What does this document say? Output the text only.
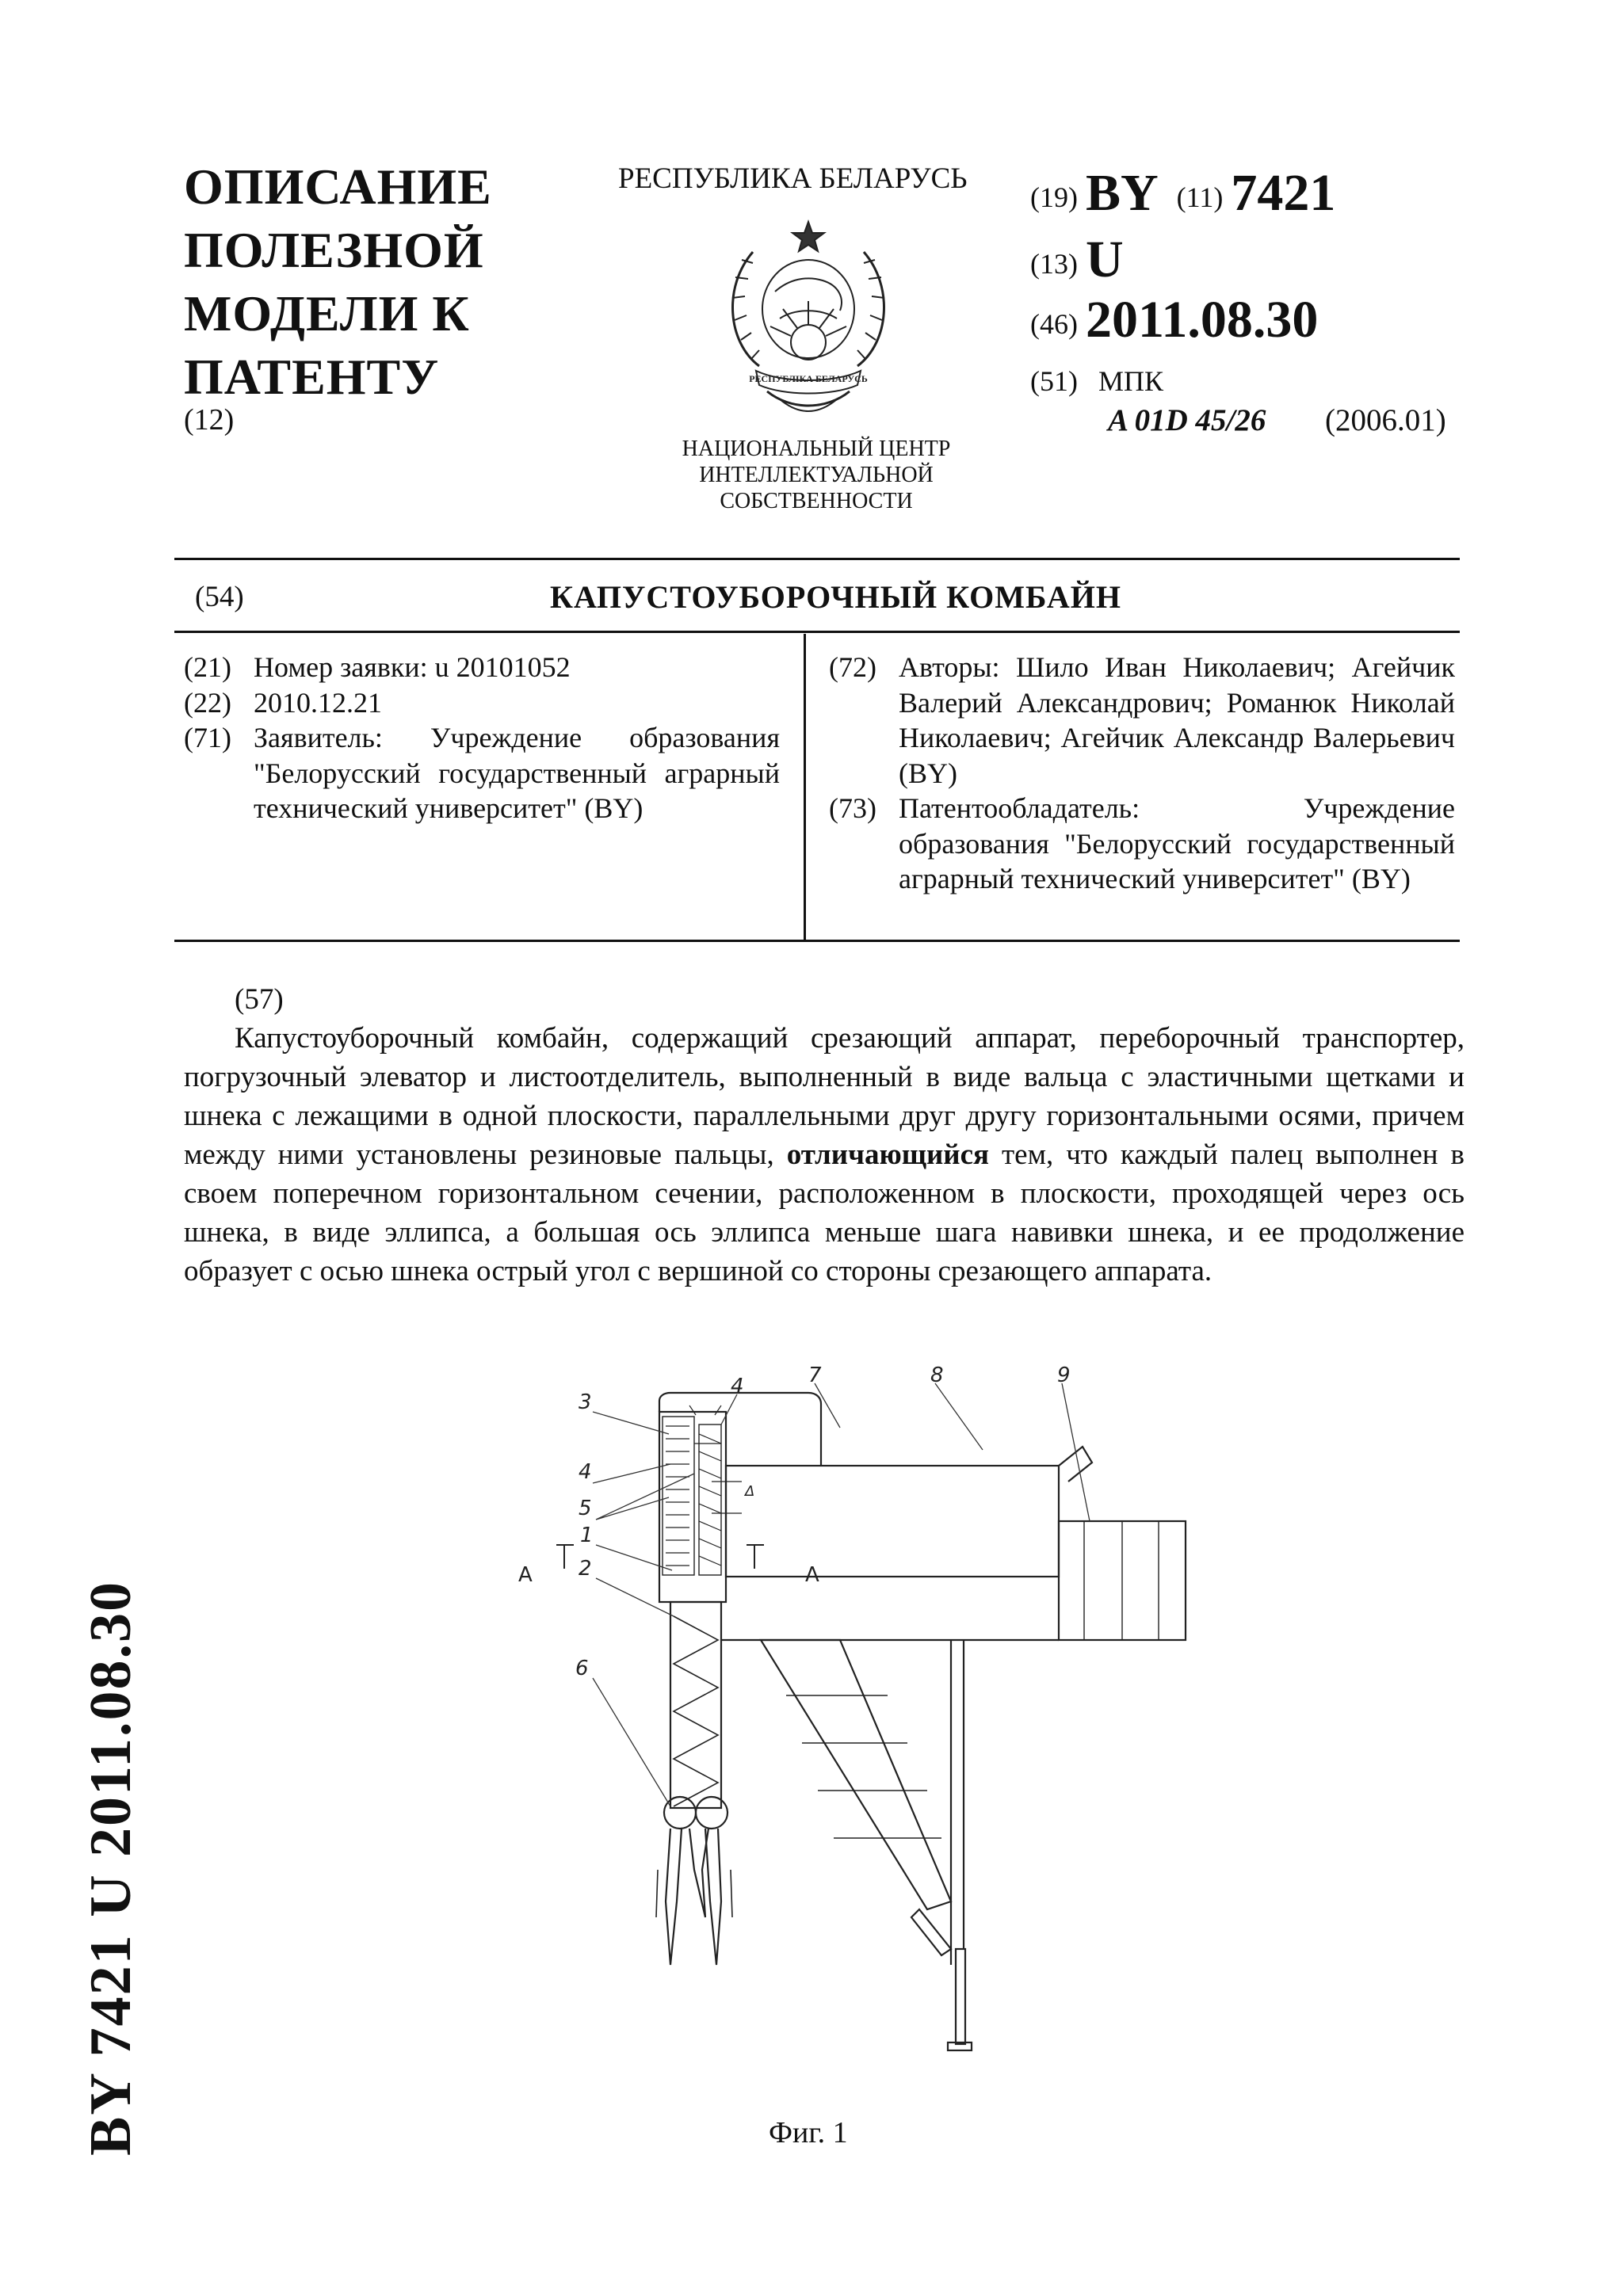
ОПИСАНИЕ
ПОЛЕЗНОЙ
МОДЕЛИ К
ПАТЕНТУ
(12)
РЕСПУБЛИКА БЕЛАРУСЬ
РЕСПУБЛІКА БЕЛАРУСЬ
НАЦИОНАЛЬНЫЙ ЦЕНТР
ИНТЕЛЛЕКТУАЛЬНОЙ
СОБСТВЕННОСТИ
(19) BY (11) 7421
(13) U
(46) 2011.08.30
(51) МПК
A 01D 45/26 (2006.01)
(54)	КАПУСТОУБОРОЧНЫЙ КОМБАЙН
(21) Номер заявки: u 20101052
(22) 2010.12.21
(71) Заявитель: Учреждение образования "Белорусский государственный аграрный технический университет" (BY)
(72) Авторы: Шило Иван Николаевич; Агейчик Валерий Александрович; Романюк Николай Николаевич; Агейчик Александр Валерьевич (BY)
(73) Патентообладатель: Учреждение образования "Белорусский государственный аграрный технический университет" (BY)
(57)
Капустоуборочный комбайн, содержащий срезающий аппарат, переборочный транспортер, погрузочный элеватор и листоотделитель, выполненный в виде вальца с эластичными щетками и шнека с лежащими в одной плоскости, параллельными друг другу горизонтальными осями, причем между ними установлены резиновые пальцы, отличающийся тем, что каждый палец выполнен в своем поперечном горизонтальном сечении, расположенном в плоскости, проходящей через ось шнека, в виде эллипса, а большая ось эллипса меньше шага навивки шнека, и ее продолжение образует с осью шнека острый угол с вершиной со стороны срезающего аппарата.
3
4
5
1
2
6
4	7	8	9
Δ
A	A
Фиг. 1
BY 7421 U 2011.08.30
